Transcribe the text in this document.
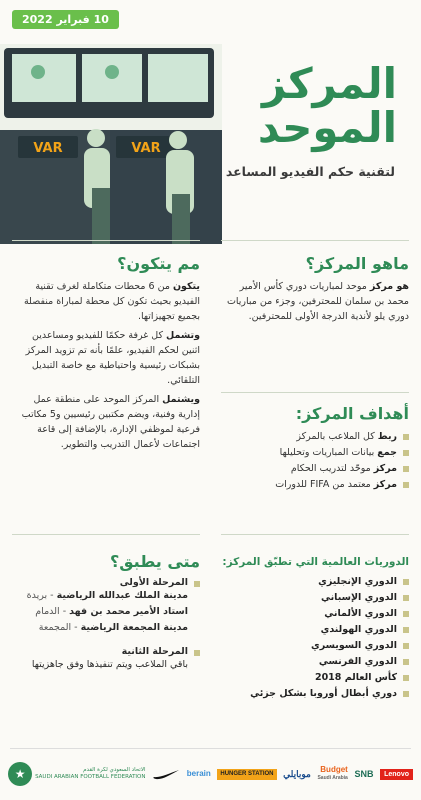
10 فبراير 2022
VAR	VAR
المركز
الموحد
لتقنية حكم الفيديو المساعد
ماهو المركز؟
هو مركز موحد لمباريات دوري كأس الأمير محمد بن سلمان للمحترفين، وجزء من مباريات دوري يلو لأندية الدرجة الأولى للمحترفين.
مم يتكون؟
يتكون من 6 محطات متكاملة لغرف تقنية الفيديو بحيث تكون كل محطة لمباراة منفصلة بجميع تجهيزاتها.
وتشمل كل غرفة حكمًا للفيديو ومساعدين اثنين لحكم الفيديو، علمًا بأنه تم تزويد المركز بشبكات رئيسية واحتياطية مع خاصة التبديل التلقائي.
ويشتمل المركز الموحد على منطقة عمل إدارية وفنية، ويضم مكتبين رئيسيين و5 مكاتب فرعية لموظفي الإدارة، بالإضافة إلى قاعة اجتماعات لأعمال التدريب والتطوير.
أهداف المركز:
ربط كل الملاعب بالمركز
جمع بيانات المباريات وتحليلها
مركز موحّد لتدريب الحكام
مركز معتمد من FIFA للدورات
الدوريات العالمية التي تطبّق المركز:
الدوري الإنجليزي
الدوري الإسباني
الدوري الألماني
الدوري الهولندي
الدوري السويسري
الدوري الفرنسي
كأس العالم 2018
دوري أبطال أوروبا بشكل جزئي
متى يطبق؟
المرحلة الأولى
مدينة الملك عبدالله الرياضية - بريدة
استاد الأمير محمد بن فهد - الدمام
مدينة المجمعة الرياضية - المجمعة
المرحلة الثانية
باقي الملاعب ويتم تنفيذها وفق جاهزيتها
★	الاتحاد السعودي لكرة القدم
SAUDI ARABIAN FOOTBALL FEDERATION	berain	HUNGER STATION	موبايلي	Budget
Saudi Arabia SNB	Lenovo
